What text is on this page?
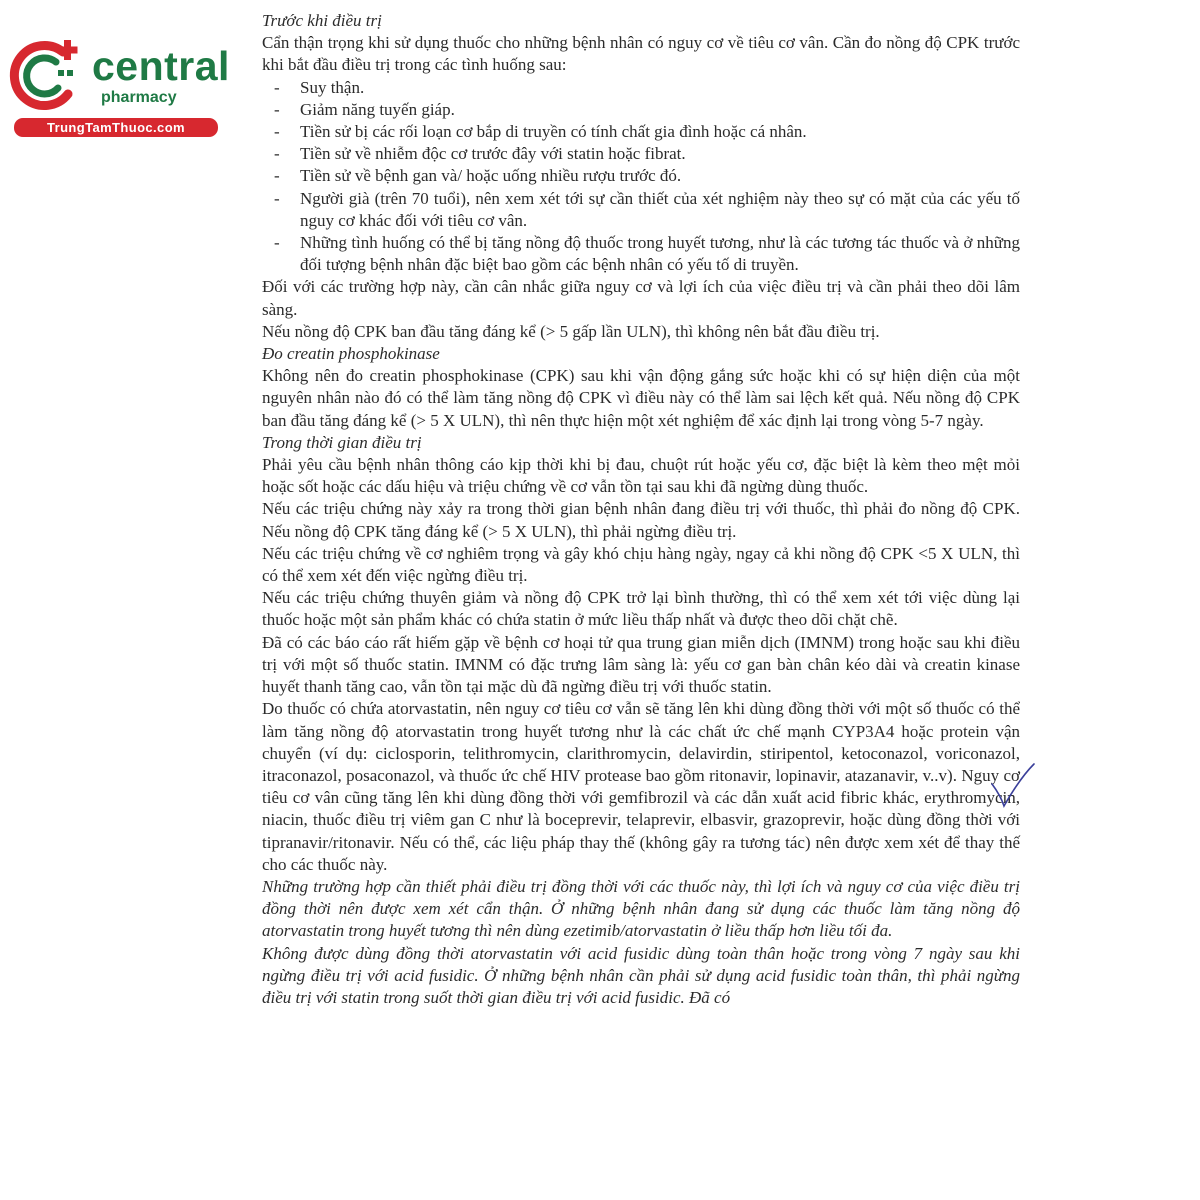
central
pharmacy
TrungTamThuoc.com

Trước khi điều trị

Cẩn thận trọng khi sử dụng thuốc cho những bệnh nhân có nguy cơ về tiêu cơ vân. Cần đo nồng độ CPK trước khi bắt đầu điều trị trong các tình huống sau:

- Suy thận.
- Giảm năng tuyến giáp.
- Tiền sử bị các rối loạn cơ bắp di truyền có tính chất gia đình hoặc cá nhân.
- Tiền sử về nhiễm độc cơ trước đây với statin hoặc fibrat.
- Tiền sử về bệnh gan và/ hoặc uống nhiều rượu trước đó.
- Người già (trên 70 tuổi), nên xem xét tới sự cần thiết của xét nghiệm này theo sự có mặt của các yếu tố nguy cơ khác đối với tiêu cơ vân.
- Những tình huống có thể bị tăng nồng độ thuốc trong huyết tương, như là các tương tác thuốc và ở những đối tượng bệnh nhân đặc biệt bao gồm các bệnh nhân có yếu tố di truyền.

Đối với các trường hợp này, cần cân nhắc giữa nguy cơ và lợi ích của việc điều trị và cần phải theo dõi lâm sàng.

Nếu nồng độ CPK ban đầu tăng đáng kể (> 5 gấp lần ULN), thì không nên bắt đầu điều trị.

Đo creatin phosphokinase

Không nên đo creatin phosphokinase (CPK) sau khi vận động gắng sức hoặc khi có sự hiện diện của một nguyên nhân nào đó có thể làm tăng nồng độ CPK vì điều này có thể làm sai lệch kết quả. Nếu nồng độ CPK ban đầu tăng đáng kể (> 5 X ULN), thì nên thực hiện một xét nghiệm để xác định lại trong vòng 5-7 ngày.

Trong thời gian điều trị

Phải yêu cầu bệnh nhân thông cáo kịp thời khi bị đau, chuột rút hoặc yếu cơ, đặc biệt là kèm theo mệt mỏi hoặc sốt hoặc các dấu hiệu và triệu chứng về cơ vẫn tồn tại sau khi đã ngừng dùng thuốc.

Nếu các triệu chứng này xảy ra trong thời gian bệnh nhân đang điều trị với thuốc, thì phải đo nồng độ CPK. Nếu nồng độ CPK tăng đáng kể (> 5 X ULN), thì phải ngừng điều trị.

Nếu các triệu chứng về cơ nghiêm trọng và gây khó chịu hàng ngày, ngay cả khi nồng độ CPK <5 X ULN, thì có thể xem xét đến việc ngừng điều trị.

Nếu các triệu chứng thuyên giảm và nồng độ CPK trở lại bình thường, thì có thể xem xét tới việc dùng lại thuốc hoặc một sản phẩm khác có chứa statin ở mức liều thấp nhất và được theo dõi chặt chẽ.

Đã có các báo cáo rất hiếm gặp về bệnh cơ hoại tử qua trung gian miễn dịch (IMNM) trong hoặc sau khi điều trị với một số thuốc statin. IMNM có đặc trưng lâm sàng là: yếu cơ gan bàn chân kéo dài và creatin kinase huyết thanh tăng cao, vẫn tồn tại mặc dù đã ngừng điều trị với thuốc statin.

Do thuốc có chứa atorvastatin, nên nguy cơ tiêu cơ vẫn sẽ tăng lên khi dùng đồng thời với một số thuốc có thể làm tăng nồng độ atorvastatin trong huyết tương như là các chất ức chế mạnh CYP3A4 hoặc protein vận chuyển (ví dụ: ciclosporin, telithromycin, clarithromycin, delavirdin, stiripentol, ketoconazol, voriconazol, itraconazol, posaconazol, và thuốc ức chế HIV protease bao gồm ritonavir, lopinavir, atazanavir, v..v). Nguy cơ tiêu cơ vân cũng tăng lên khi dùng đồng thời với gemfibrozil và các dẫn xuất acid fibric khác, erythromycin, niacin, thuốc điều trị viêm gan C như là boceprevir, telaprevir, elbasvir, grazoprevir, hoặc dùng đồng thời với tipranavir/ritonavir. Nếu có thể, các liệu pháp thay thế (không gây ra tương tác) nên được xem xét để thay thế cho các thuốc này.

Những trường hợp cần thiết phải điều trị đồng thời với các thuốc này, thì lợi ích và nguy cơ của việc điều trị đồng thời nên được xem xét cẩn thận. Ở những bệnh nhân đang sử dụng các thuốc làm tăng nồng độ atorvastatin trong huyết tương thì nên dùng ezetimib/atorvastatin ở liều thấp hơn liều tối đa.

Không được dùng đồng thời atorvastatin với acid fusidic dùng toàn thân hoặc trong vòng 7 ngày sau khi ngừng điều trị với acid fusidic. Ở những bệnh nhân cần phải sử dụng acid fusidic toàn thân, thì phải ngừng điều trị với statin trong suốt thời gian điều trị với acid fusidic. Đã có
